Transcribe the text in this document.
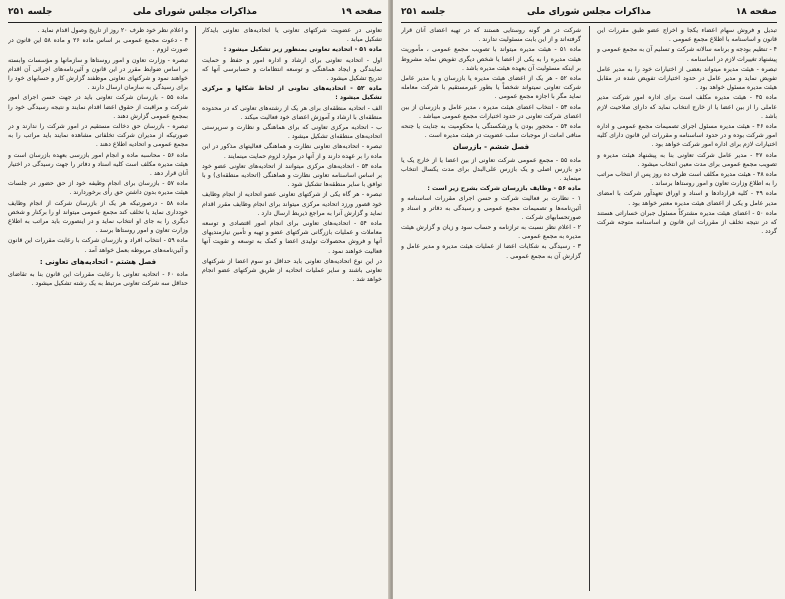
صفحه ۱۹
مذاکرات مجلس شورای ملی
جلسه ۲۵۱

تعاونی در عضویت شرکتهای تعاونی یا اتحادیه‌های تعاونی بایدکار تشکیل میابد .

ماده ۵۱ - اتحادیه تعاونی بمنظور زیر تشکیل میشود :

اول - اتحادیه تعاونی برای ارشاد و اداره امور و حفظ و حمایت نمایندگی و ایجاد هماهنگی و توسعه انتظامات و حسابرسی آنها که تدریج تشکیل میشود .

ماده ۵۲ - اتحادیه‌های تعاونی از لحاظ شکلها و مرکزی تشکیل میشود :

الف - اتحادیه منطقه‌ای برای هر یک از رشته‌های تعاونی که در محدوده منطقه‌ای با ارشاد و آموزش اعضای خود فعالیت میکند .

ب - اتحادیه مرکزی تعاونی که برای هماهنگی و نظارت و سرپرستی اتحادیه‌های منطقه‌ای تشکیل میشود .

تبصره - اتحادیه‌های تعاونی نظارت و هماهنگی فعالیتهای مذکور در این ماده را بر عهده دارند و از آنها در موارد لزوم حمایت مینمایند .

ماده ۵۳ - اتحادیه‌های مرکزی میتوانند از اتحادیه‌های تعاونی عضو خود بر اساس اساسنامه تعاونی نظارت و هماهنگی (اتحادیه منطقه‌ای) و با توافق با سایر منطقه‌ها تشکیل شود .

تبصره - هر گاه یکی از شرکتهای تعاونی عضو اتحادیه از انجام وظایف خود قصور ورزد اتحادیه مرکزی میتواند برای انجام وظایف مقرر اقدام نماید و گزارش آنرا به مراجع ذیربط ارسال دارد .

ماده ۵۴ - اتحادیه‌های تعاونی برای انجام امور اقتصادی و توسعه معاملات و عملیات بازرگانی شرکتهای عضو و تهیه و تأمین نیازمندیهای آنها و فروش محصولات تولیدی اعضا و کمک به توسعه و تقویت آنها فعالیت خواهند نمود .

در این نوع اتحادیه‌های تعاونی باید حداقل دو سوم اعضا از شرکتهای تعاونی باشند و سایر عملیات اتحادیه از طریق شرکتهای عضو انجام خواهد شد .

و اعلام نظر خود ظرف ۲۰ روز از تاریخ وصول اقدام نماید .

۴ - دعوت مجمع عمومی بر اساس ماده ۲۶ و ماده ۵۸ این قانون در صورت لزوم .

تبصره - وزارت تعاون و امور روستاها و سازمانها و مؤسسات وابسته بر اساس ضوابط مقرر در این قانون و آئین‌نامه‌های اجرائی آن اقدام خواهند نمود و شرکتهای تعاونی موظفند گزارش کار و حسابهای خود را برای رسیدگی به سازمان ارسال دارند .

ماده ۵۵ - بازرسان شرکت تعاونی باید در جهت حسن اجرای امور شرکت و مراقبت از حقوق اعضا اقدام نمایند و نتیجه رسیدگی خود را بمجمع عمومی گزارش دهند .

تبصره - بازرسان حق دخالت مستقیم در امور شرکت را ندارند و در صورتیکه از مدیران شرکت تخلفاتی مشاهده نمایند باید مراتب را به مجمع عمومی و اتحادیه اطلاع دهند .

ماده ۵۶ - محاسبه ماده و انجام امور بازرسی بعهده بازرسان است و هیئت مدیره مکلف است کلیه اسناد و دفاتر را جهت رسیدگی در اختیار آنان قرار دهد .

ماده ۵۷ - بازرسان برای انجام وظیفه خود از حق حضور در جلسات هیئت مدیره بدون داشتن حق رأی برخوردارند .

ماده ۵۸ - درصورتیکه هر یک از بازرسان شرکت از انجام وظایف خودداری نماید یا تخلف کند مجمع عمومی میتواند او را برکنار و شخص دیگری را به جای او انتخاب نماید و در اینصورت باید مراتب به اطلاع وزارت تعاون و امور روستاها برسد .

ماده ۵۹ - انتخاب افراد و بازرسان شرکت با رعایت مقررات این قانون و آئین‌نامه‌های مربوطه بعمل خواهد آمد .

فصل هشتم - اتحادیه‌های تعاونی :

ماده ۶۰ - اتحادیه تعاونی با رعایت مقررات این قانون بنا به تقاضای حداقل سه شرکت تعاونی مرتبط به یک رشته تشکیل میشود .

صفحه ۱۸
مذاکرات مجلس شورای ملی
جلسه ۲۵۱

تبدیل و فروش سهام اعضاء یکجا و اخراج عضو طبق مقررات این قانون و اساسنامه با اطلاع مجمع عمومی .

۴ - تنظیم بودجه و برنامه سالانه شرکت و تسلیم آن به مجمع عمومی و پیشنهاد تغییرات لازم در اساسنامه .

تبصره - هیئت مدیره میتواند بعضی از اختیارات خود را به مدیر عامل تفویض نماید و مدیر عامل در حدود اختیارات تفویض شده در مقابل هیئت مدیره مسئول خواهد بود .

ماده ۴۵ - هیئت مدیره مکلف است برای اداره امور شرکت مدیر عاملی را از بین اعضا یا از خارج انتخاب نماید که دارای صلاحیت لازم باشد .

ماده ۴۶ - هیئت مدیره مسئول اجرای تصمیمات مجمع عمومی و اداره امور شرکت بوده و در حدود اساسنامه و مقررات این قانون دارای کلیه اختیارات لازم برای اداره امور شرکت خواهد بود .

ماده ۴۷ - مدیر عامل شرکت تعاونی بنا به پیشنهاد هیئت مدیره و تصویب مجمع عمومی برای مدت معین انتخاب میشود .

ماده ۴۸ - هیئت مدیره مکلف است ظرف ده روز پس از انتخاب مراتب را به اطلاع وزارت تعاون و امور روستاها برساند .

ماده ۴۹ - کلیه قراردادها و اسناد و اوراق تعهدآور شرکت با امضای مدیر عامل و یکی از اعضای هیئت مدیره معتبر خواهد بود .

ماده ۵۰ - اعضای هیئت مدیره مشترکاً مسئول جبران خساراتی هستند که در نتیجه تخلف از مقررات این قانون و اساسنامه متوجه شرکت گردد .

شرکت در هر گونه روستایی هستند که در تهیه اعضای آنان قرار گرفته‌اند و از این بابت مسئولیت ندارند .

ماده ۵۱ - هیئت مدیره میتواند با تصویب مجمع عمومی ، مأموریت هیئت مدیره را به یکی از اعضا یا شخص دیگری تفویض نماید مشروط بر اینکه مسئولیت آن بعهده هیئت مدیره باشد .

ماده ۵۲ - هر یک از اعضای هیئت مدیره یا بازرسان و یا مدیر عامل شرکت تعاونی نمیتواند شخصاً یا بطور غیرمستقیم با شرکت معامله نماید مگر با اجازه مجمع عمومی .

ماده ۵۳ - انتخاب اعضای هیئت مدیره ، مدیر عامل و بازرسان از بین اعضای شرکت تعاونی در حدود اختیارات مجمع عمومی میباشد .

ماده ۵۴ - محجور بودن یا ورشکستگی یا محکومیت به جنایت یا جنحه منافی امانت از موجبات سلب عضویت در هیئت مدیره است .

فصل ششم - بازرسان

ماده ۵۵ - مجمع عمومی شرکت تعاونی از بین اعضا یا از خارج یک یا دو بازرس اصلی و یک بازرس علی‌البدل برای مدت یکسال انتخاب مینماید .

ماده ۵۶ - وظایف بازرسان شرکت بشرح زیر است :

۱ - نظارت بر فعالیت شرکت و حسن اجرای مقررات اساسنامه و آئین‌نامه‌ها و تصمیمات مجمع عمومی و رسیدگی به دفاتر و اسناد و صورتحسابهای شرکت .

۲ - اعلام نظر نسبت به ترازنامه و حساب سود و زیان و گزارش هیئت مدیره به مجمع عمومی .

۳ - رسیدگی به شکایات اعضا از عملیات هیئت مدیره و مدیر عامل و گزارش آن به مجمع عمومی .
